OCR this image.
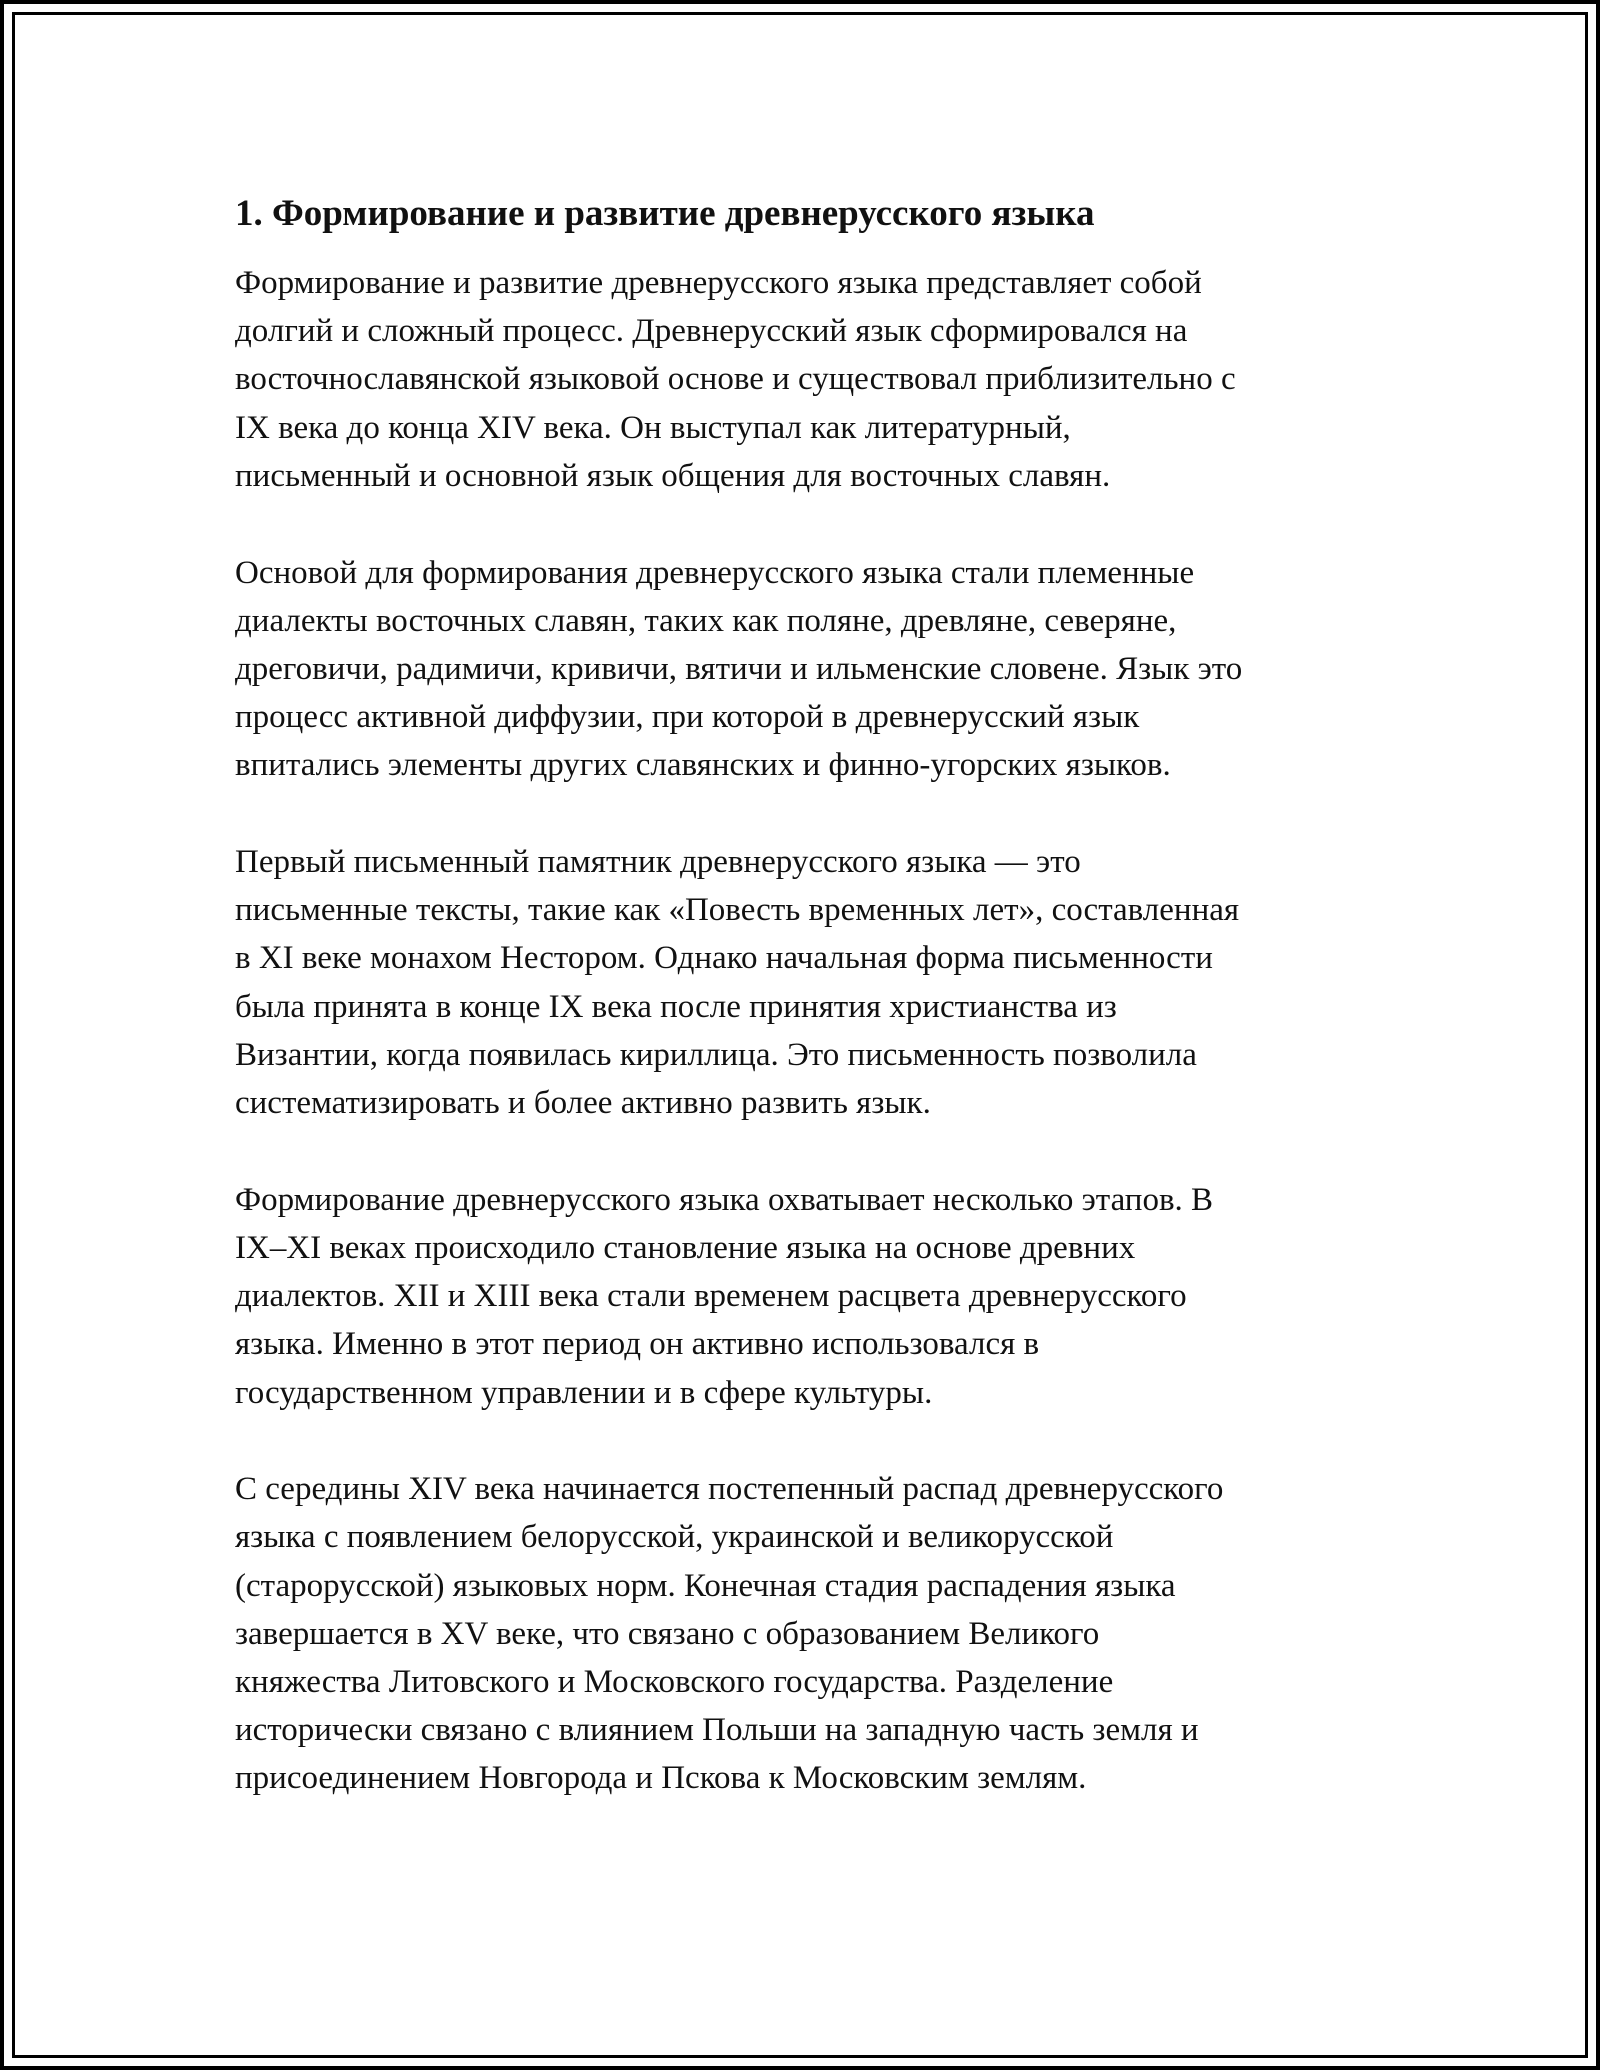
1. Формирование и развитие древнерусского языка

Формирование и развитие древнерусского языка представляет собой
долгий и сложный процесс. Древнерусский язык сформировался на
восточнославянской языковой основе и существовал приблизительно с
IX века до конца XIV века. Он выступал как литературный,
письменный и основной язык общения для восточных славян.

Основой для формирования древнерусского языка стали племенные
диалекты восточных славян, таких как поляне, древляне, северяне,
дреговичи, радимичи, кривичи, вятичи и ильменские словене. Язык это
процесс активной диффузии, при которой в древнерусский язык
впитались элементы других славянских и финно-угорских языков.

Первый письменный памятник древнерусского языка — это
письменные тексты, такие как «Повесть временных лет», составленная
в XI веке монахом Нестором. Однако начальная форма письменности
была принята в конце IX века после принятия христианства из
Византии, когда появилась кириллица. Это письменность позволила
систематизировать и более активно развить язык.

Формирование древнерусского языка охватывает несколько этапов. В
IX–XI веках происходило становление языка на основе древних
диалектов. XII и XIII века стали временем расцвета древнерусского
языка. Именно в этот период он активно использовался в
государственном управлении и в сфере культуры.

С середины XIV века начинается постепенный распад древнерусского
языка с появлением белорусской, украинской и великорусской
(старорусской) языковых норм. Конечная стадия распадения языка
завершается в XV веке, что связано с образованием Великого
княжества Литовского и Московского государства. Разделение
исторически связано с влиянием Польши на западную часть земля и
присоединением Новгорода и Пскова к Московским землям.
